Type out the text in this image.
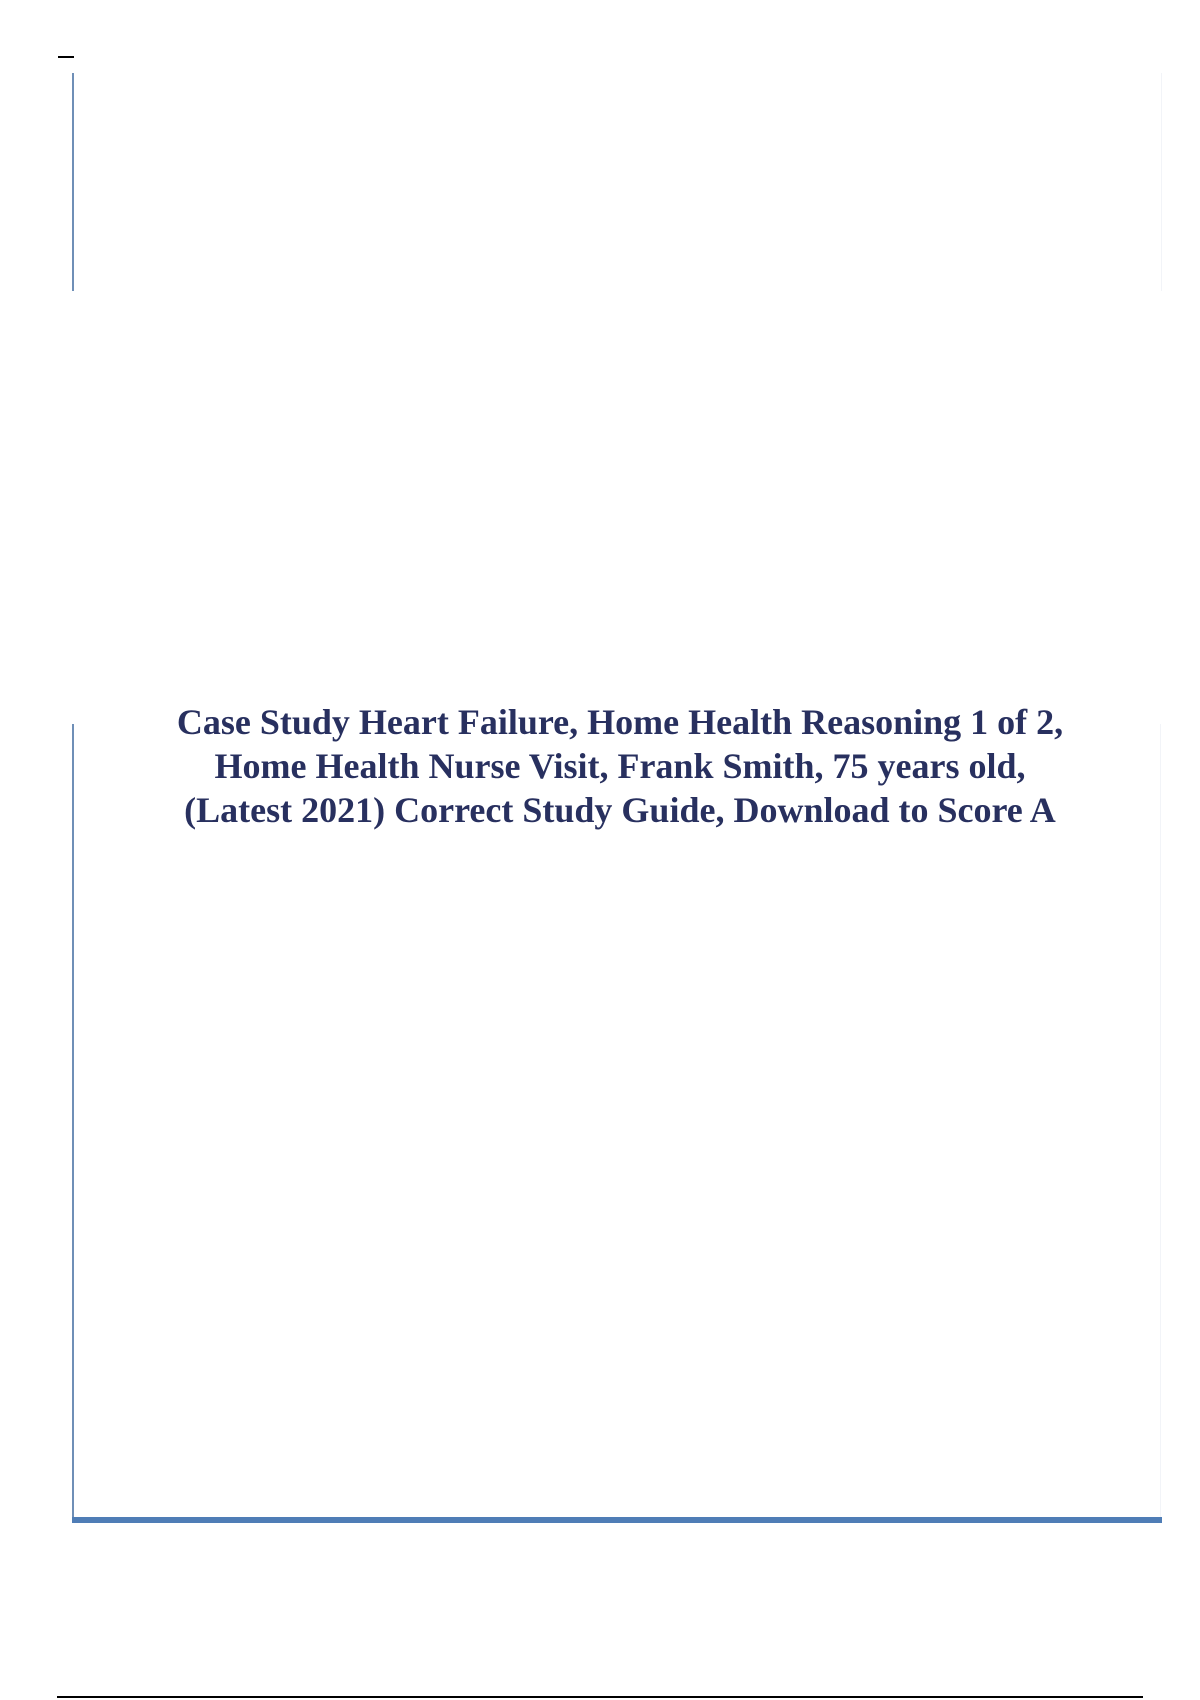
Case Study Heart Failure, Home Health Reasoning 1 of 2,
Home Health Nurse Visit, Frank Smith, 75 years old,
(Latest 2021) Correct Study Guide, Download to Score A
